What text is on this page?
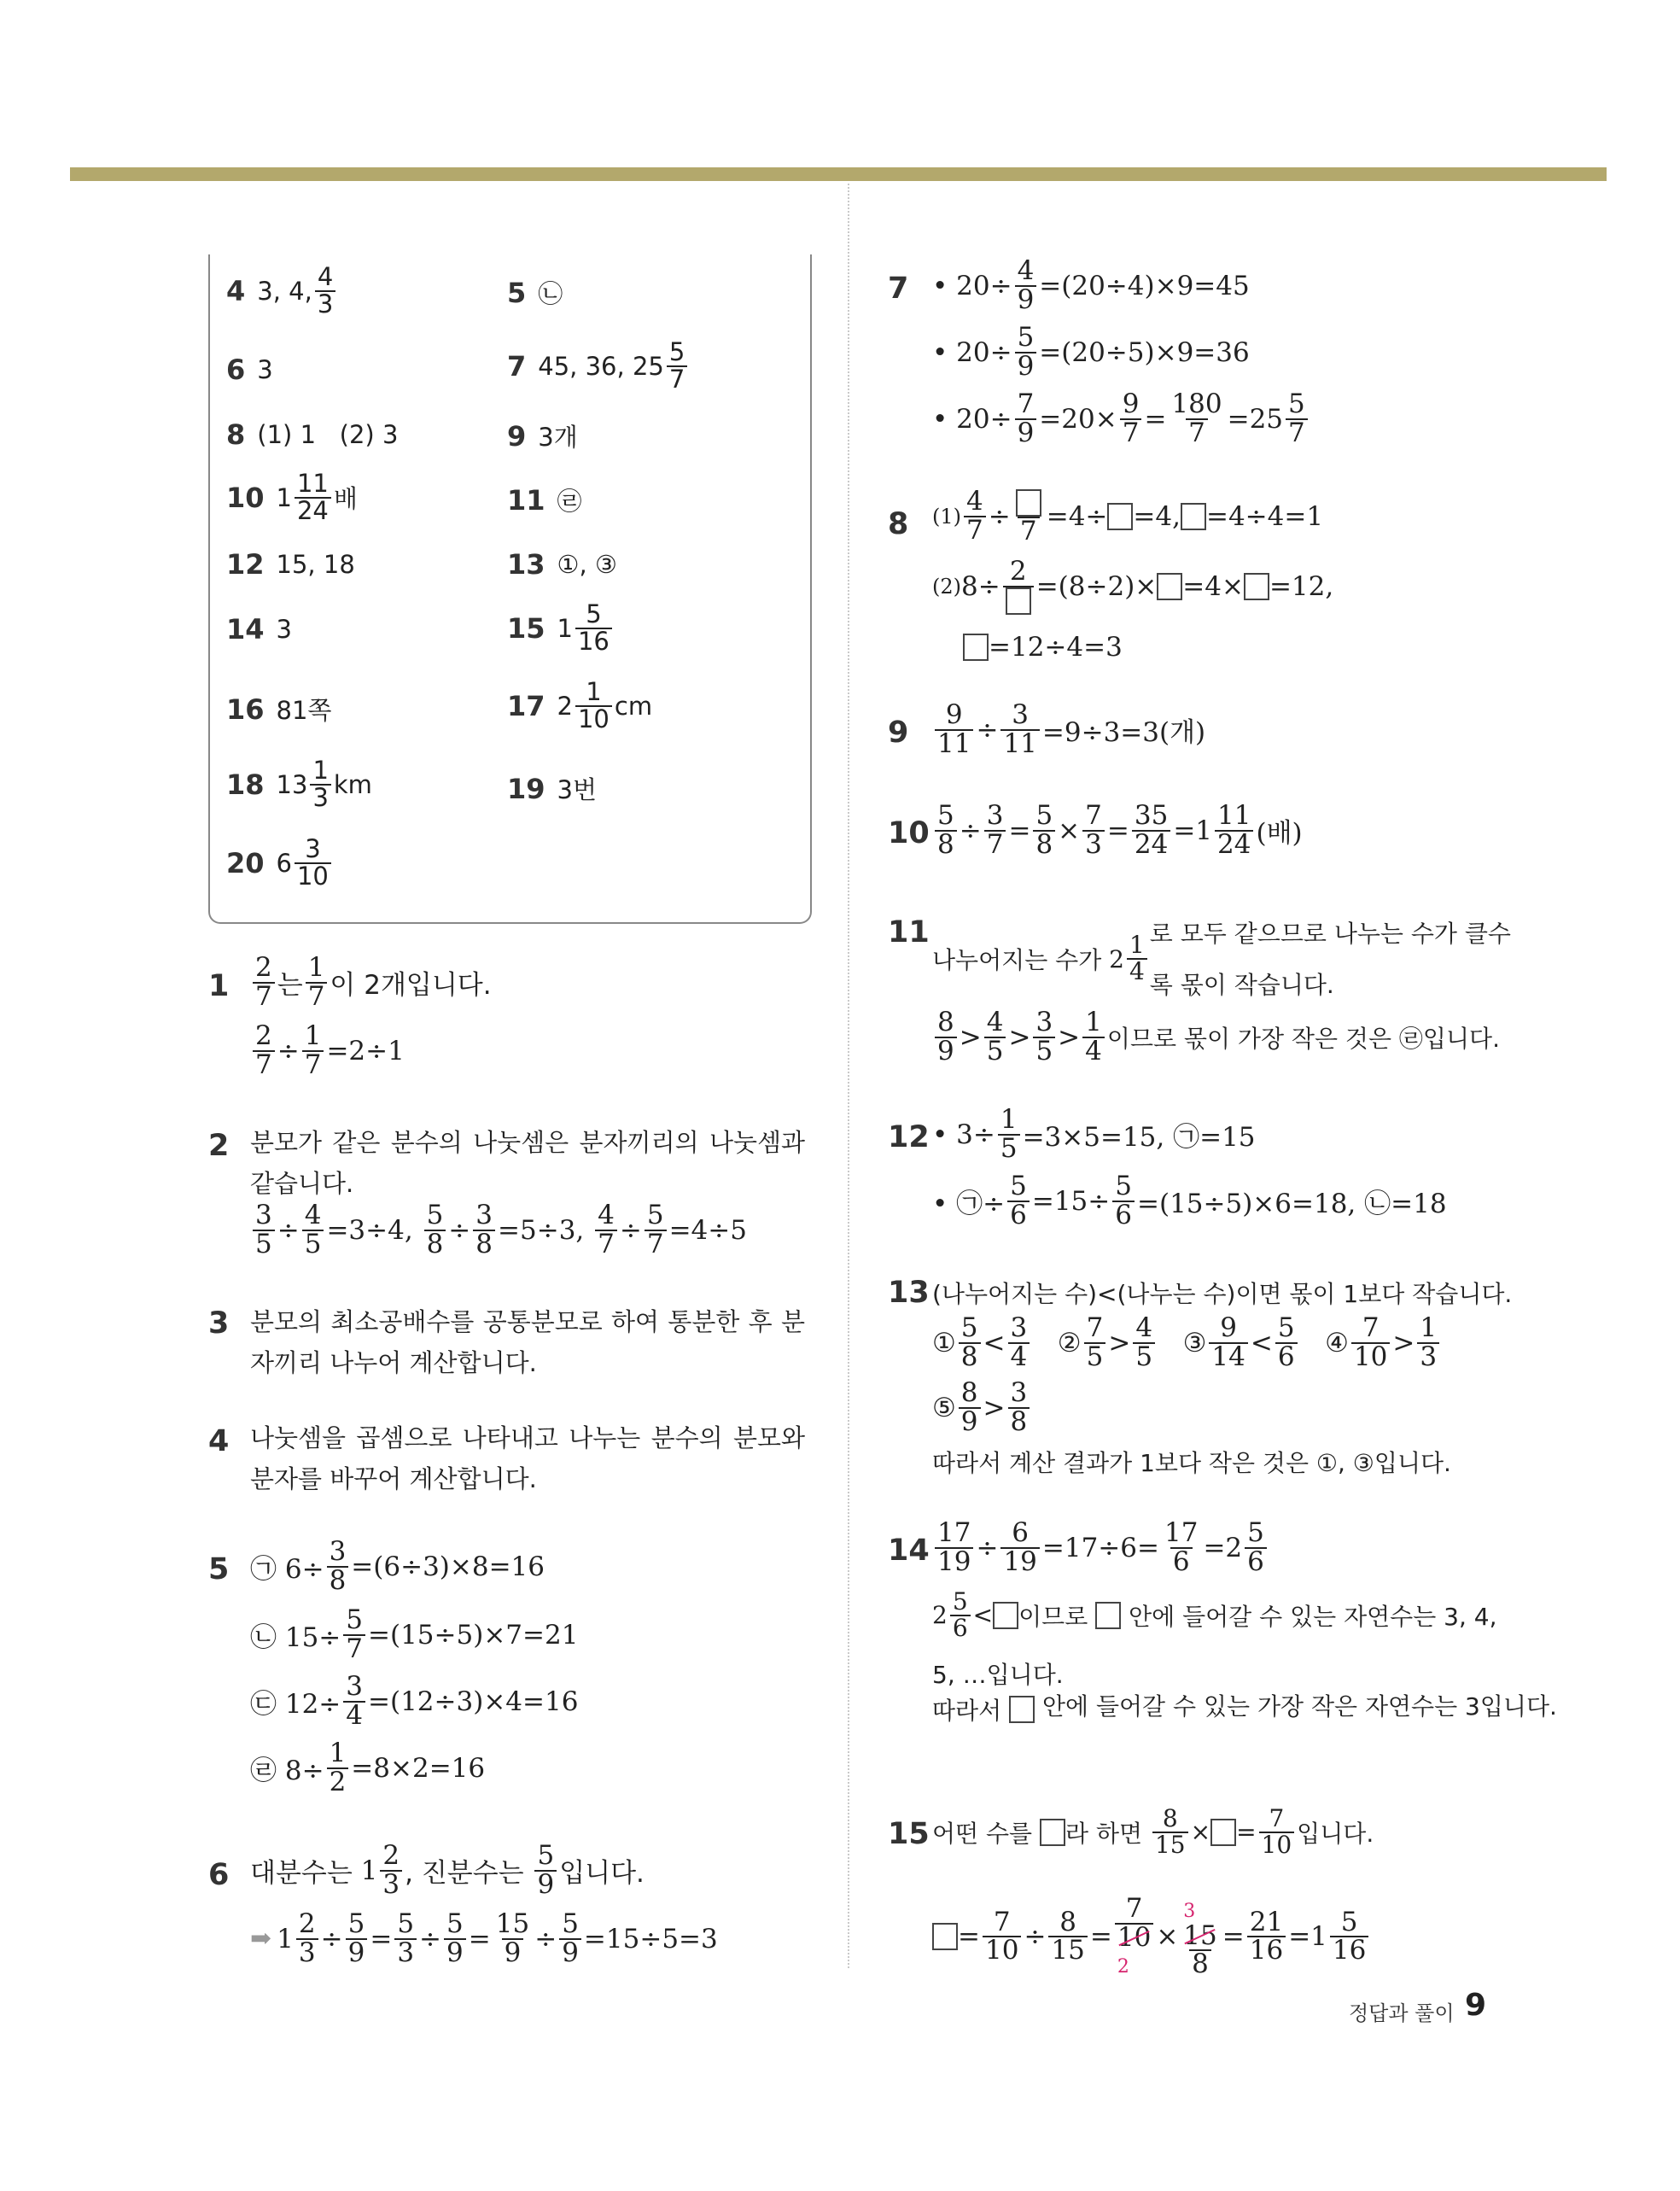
4 3, 4, $\frac{4}{3}$	5 ㉡
6 3	7 45, 36, $25 \frac{5}{7}$
8 (1) 1   (2) 3	9 3개
10 $1 \frac{11}{24}$ 배	11 ㉣
12 15, 18	13 ①, ③
14 3	15 $1 \frac{5}{16}$
16 81쪽	17 $2 \frac{1}{10}$ cm
18 $13 \frac{1}{3}$ km	19 3번
20 $6 \frac{3}{10}$
$1 \frac{2}{7}$ 는 $\frac{1}{7}$ 이 2개입니다.
$\frac{2}{7} \div \frac{1}{7} =2\div 1$
2 분모가 같은 분수의 나눗셈은 분자끼리의 나눗셈과 같습니다.
$\frac{3}{5} \div \frac{4}{5} =3\div 4$, $\frac{5}{8} \div \frac{3}{8} =5\div 3$, $\frac{4}{7} \div \frac{5}{7} =4\div 5$
3 분모의 최소공배수를 공통분모로 하여 통분한 후 분자끼리 나누어 계산합니다.
4 나눗셈을 곱셈으로 나타내고 나누는 분수의 분모와 분자를 바꾸어 계산합니다.
5 ㉠ $6\div \frac{3}{8} =(6\div 3)\times 8=16$
㉡ $15\div \frac{5}{7} =(15\div 5)\times 7=21$
㉢ $12\div \frac{3}{4} =(12\div 3)\times 4=16$
㉣ $8\div \frac{1}{2} =8\times 2=16$
6 대분수는 $1 \frac{2}{3}$ , 진분수는
$\frac{5}{9}$ 입니다.
➡ $1 \frac{2}{3} \div \frac{5}{9} = \frac{5}{3} \div \frac{5}{9} = \frac{15}{9} \div \frac{5}{9} =15\div 5=3$
7 • $20\div \frac{4}{9} =(20\div 4)\times 9=45$
• $20\div \frac{5}{9} =(20\div 5)\times 9=36$
• $20\div \frac{7}{9} =20\times \frac{9}{7} = \frac{180}{7} =25 \frac{5}{7}$
8 $(1) \frac{4}{7} \div 7 =4\div =4$,
=4÷4=1
(2) 8÷
2
=(8÷2)× =4× =12,
=12÷4=3
$9 \frac{9}{11} \div \frac{3}{11} =9\div 3=3$(개)
$10 \frac{5}{8} \div \frac{3}{7} = \frac{5}{8} \times \frac{7}{3} = \frac{35}{24} =1 \frac{11}{24}$ (배)
11
나누어지는 수가 $2 \frac{1}{4}$ 로 모두 같으므로 나누는 수가 클수록 몫이 작습니다.
$\frac{8}{9} > \frac{4}{5} > \frac{3}{5} > \frac{1}{4}$ 이므로 몫이 가장 작은 것은 ㉣입니다.
12 • $3\div \frac{1}{5} =3\times 5=15$, ㉠=15
• ㉠÷ $\frac{5}{6} =15\div \frac{5}{6} =(15\div 5)\times 6=18$, ㉡=18
13 (나누어지는 수)<(나누는 수)이면 몫이 1보다 작습니다.
① $\frac{5}{8} < \frac{3}{4}$ ② $\frac{7}{5} > \frac{4}{5}$ ③ $\frac{9}{14} < \frac{5}{6}$ ④ $\frac{7}{10} > \frac{1}{3}$
⑤ $\frac{8}{9} > \frac{3}{8}$
따라서 계산 결과가 1보다 작은 것은 ①, ③입니다.
$14 \frac{17}{19} \div \frac{6}{19} =17\div 6= \frac{17}{6} =2 \frac{5}{6}$
$2 \frac{5}{6}$ < 이므로

안에 들어갈 수 있는 자연수는 3, 4,
5, …입니다.
따라서

안에 들어갈 수 있는 가장 작은 자연수는 3입니다.
15 어떤 수를
라 하면
$\frac{8}{15}$ × = $\frac{7}{10}$ 입니다.
= $\frac{7}{10} \div \frac{8}{15}$ =
7
10
2
×
3
15
8
= $\frac{21}{16} =1 \frac{5}{16}$
정답과 풀이 9
